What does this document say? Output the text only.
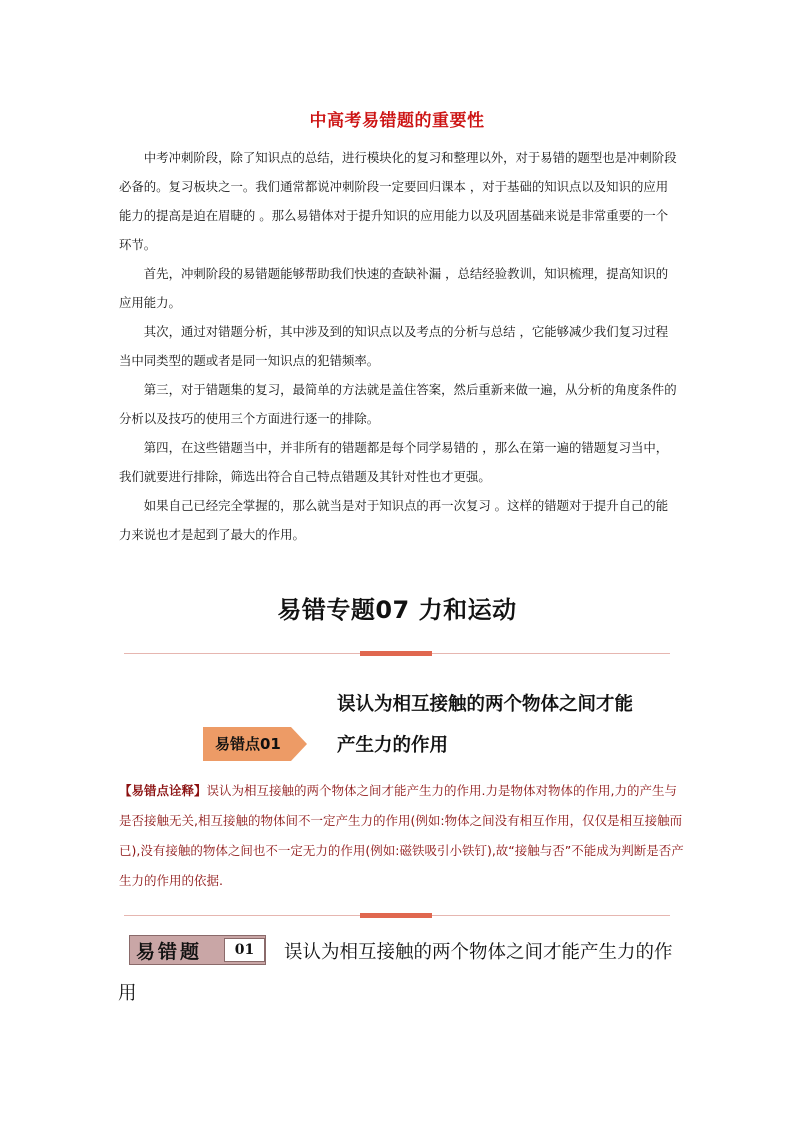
中高考易错题的重要性

中考冲刺阶段，除了知识点的总结，进行模块化的复习和整理以外，对于易错的题型也是冲刺阶段必备的。复习板块之一。我们通常都说冲刺阶段一定要回归课本 ，对于基础的知识点以及知识的应用能力的提高是迫在眉睫的 。那么易错体对于提升知识的应用能力以及巩固基础来说是非常重要的一个环节。

首先，冲刺阶段的易错题能够帮助我们快速的查缺补漏 ，总结经验教训，知识梳理，提高知识的应用能力。

其次，通过对错题分析，其中涉及到的知识点以及考点的分析与总结 ，它能够减少我们复习过程当中同类型的题或者是同一知识点的犯错频率。

第三，对于错题集的复习，最简单的方法就是盖住答案，然后重新来做一遍，从分析的角度条件的分析以及技巧的使用三个方面进行逐一的排除。

第四，在这些错题当中，并非所有的错题都是每个同学易错的 ，那么在第一遍的错题复习当中，我们就要进行排除，筛选出符合自己特点错题及其针对性也才更强。

如果自己已经完全掌握的，那么就当是对于知识点的再一次复习 。这样的错题对于提升自己的能力来说也才是起到了最大的作用。

易错专题07 力和运动
误认为相互接触的两个物体之间才能产生力的作用
易错点01

【易错点诠释】误认为相互接触的两个物体之间才能产生力的作用.力是物体对物体的作用,力的产生与是否接触无关,相互接触的物体间不一定产生力的作用(例如:物体之间没有相互作用，仅仅是相互接触而已),没有接触的物体之间也不一定无力的作用(例如:磁铁吸引小铁钉),故“接触与否”不能成为判断是否产生力的作用的依据.

误认为相互接触的两个物体之间才能产生力的作用
易错题	01
